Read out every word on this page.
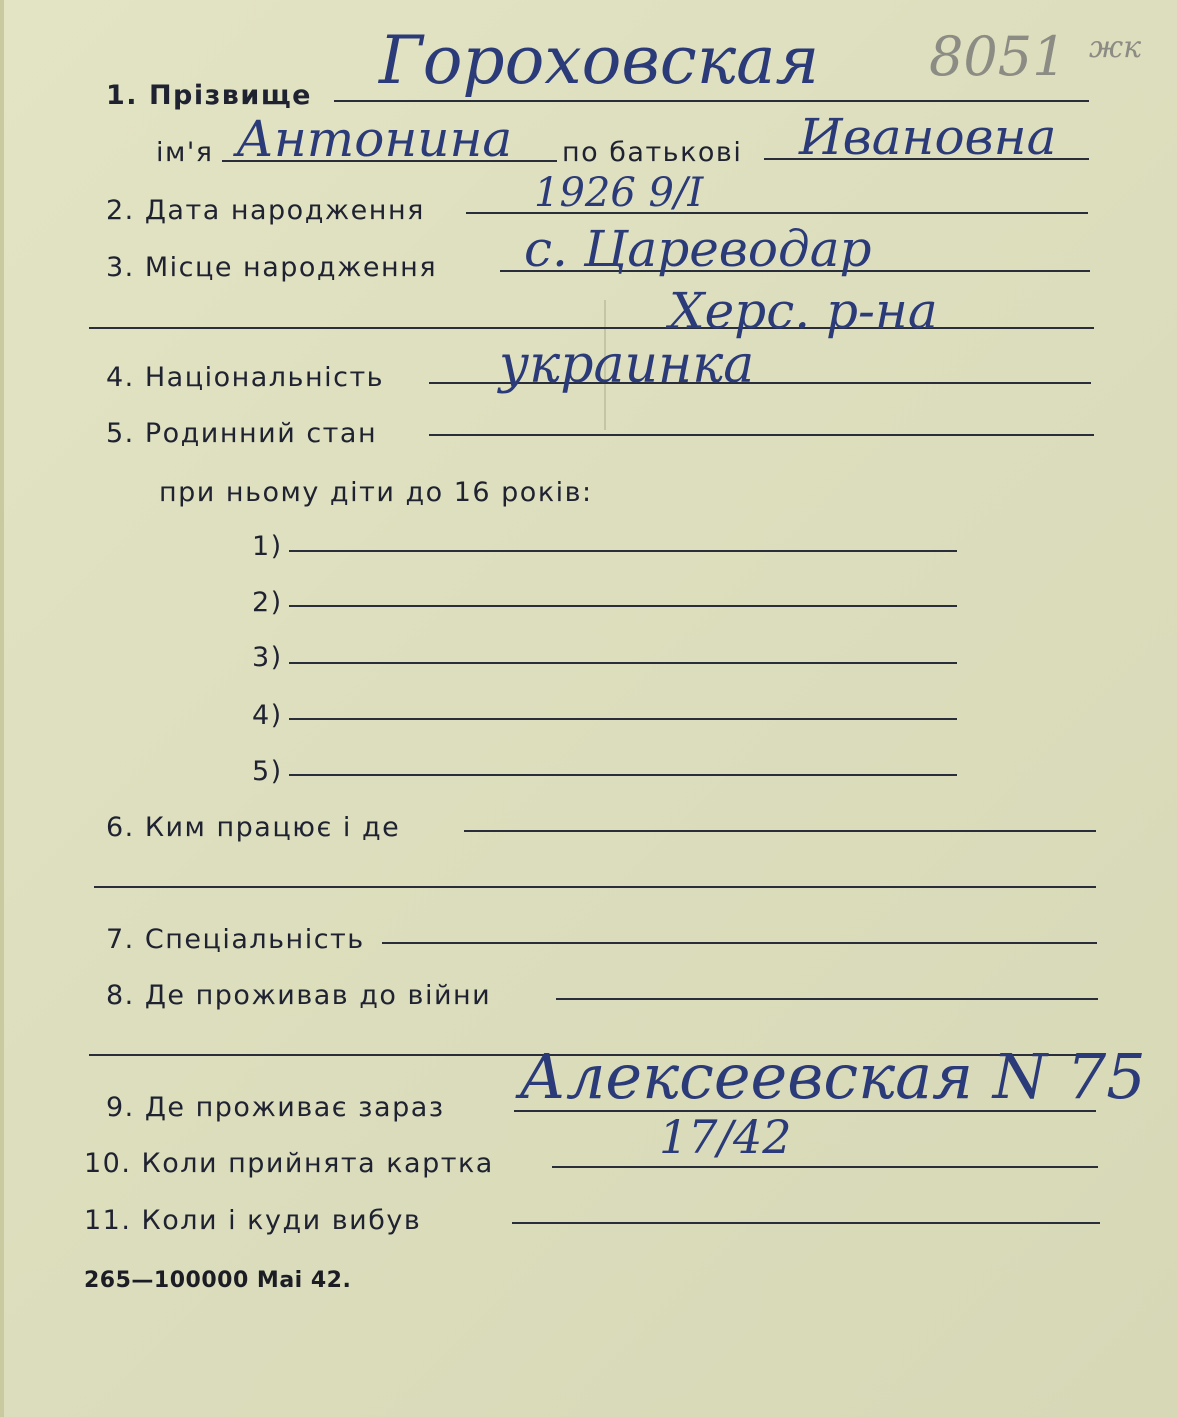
8051 жк
1. Прізвище Гороховская
ім'я Антонина по батькові Ивановна
2. Дата народження	1926 9/I
3. Місце народження с. Цареводар
Херс. р-на
4. Національність украинка
5. Родинний стан
при ньому діти до 16 років:
1)
2)
3)
4)
5)
6. Ким працює і де
7. Спеціальність
8. Де проживав до війни
9. Де проживає зараз Алексеевская N 75
10. Коли прийнята картка	17/42
11. Коли і куди вибув
265—100000 Mai 42.
